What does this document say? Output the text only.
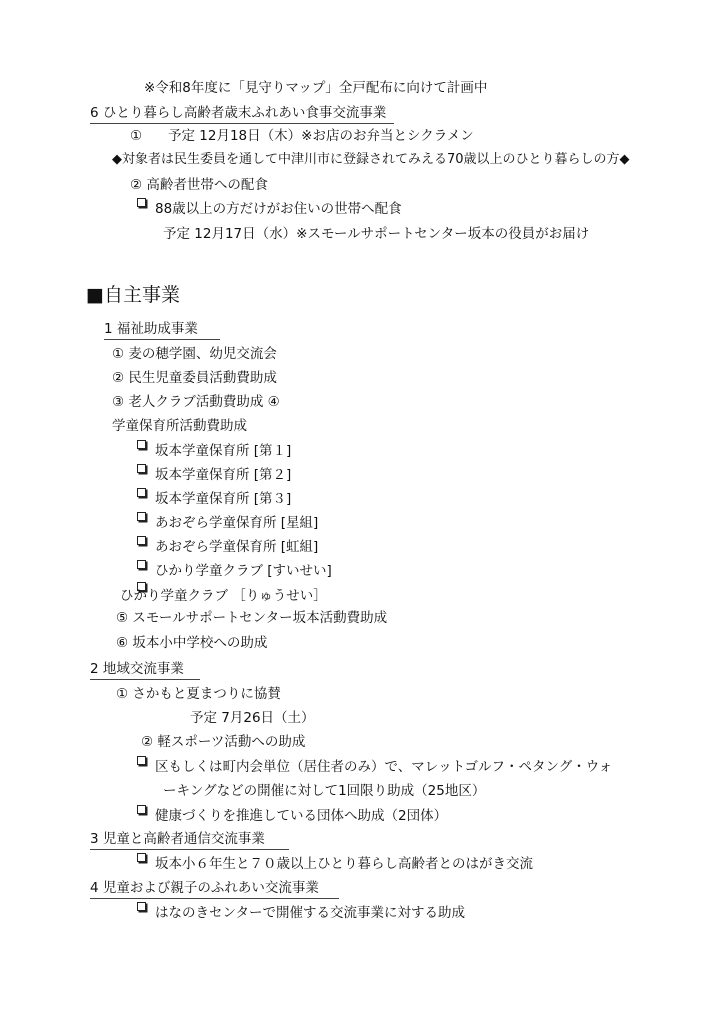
※令和8年度に「見守りマップ」全戸配布に向けて計画中
6 ひとり暮らし高齢者歳末ふれあい食事交流事業
① 予定 12月18日（木）※お店のお弁当とシクラメン
◆対象者は民生委員を通して中津川市に登録されてみえる70歳以上のひとり暮らしの方◆
② 高齢者世帯への配食
88歳以上の方だけがお住いの世帯へ配食
予定 12月17日（水）※スモールサポートセンター坂本の役員がお届け
■自主事業
1 福祉助成事業
① 麦の穂学園、幼児交流会
② 民生児童委員活動費助成
③ 老人クラブ活動費助成 ④
学童保育所活動費助成
坂本学童保育所 [第１]
坂本学童保育所 [第２]
坂本学童保育所 [第３]
あおぞら学童保育所 [星組]
あおぞら学童保育所 [虹組]
ひかり学童クラブ [すいせい]
ひかり学童クラブ ［りゅうせい］
⑤ スモールサポートセンター坂本活動費助成
⑥ 坂本小中学校への助成
2 地域交流事業
① さかもと夏まつりに協賛
予定 7月26日（土）
② 軽スポーツ活動への助成
区もしくは町内会単位（居住者のみ）で、マレットゴルフ・ペタング・ウォ
ーキングなどの開催に対して1回限り助成（25地区）
健康づくりを推進している団体へ助成（2団体）
3 児童と高齢者通信交流事業
坂本小６年生と７０歳以上ひとり暮らし高齢者とのはがき交流
4 児童および親子のふれあい交流事業
はなのきセンターで開催する交流事業に対する助成
